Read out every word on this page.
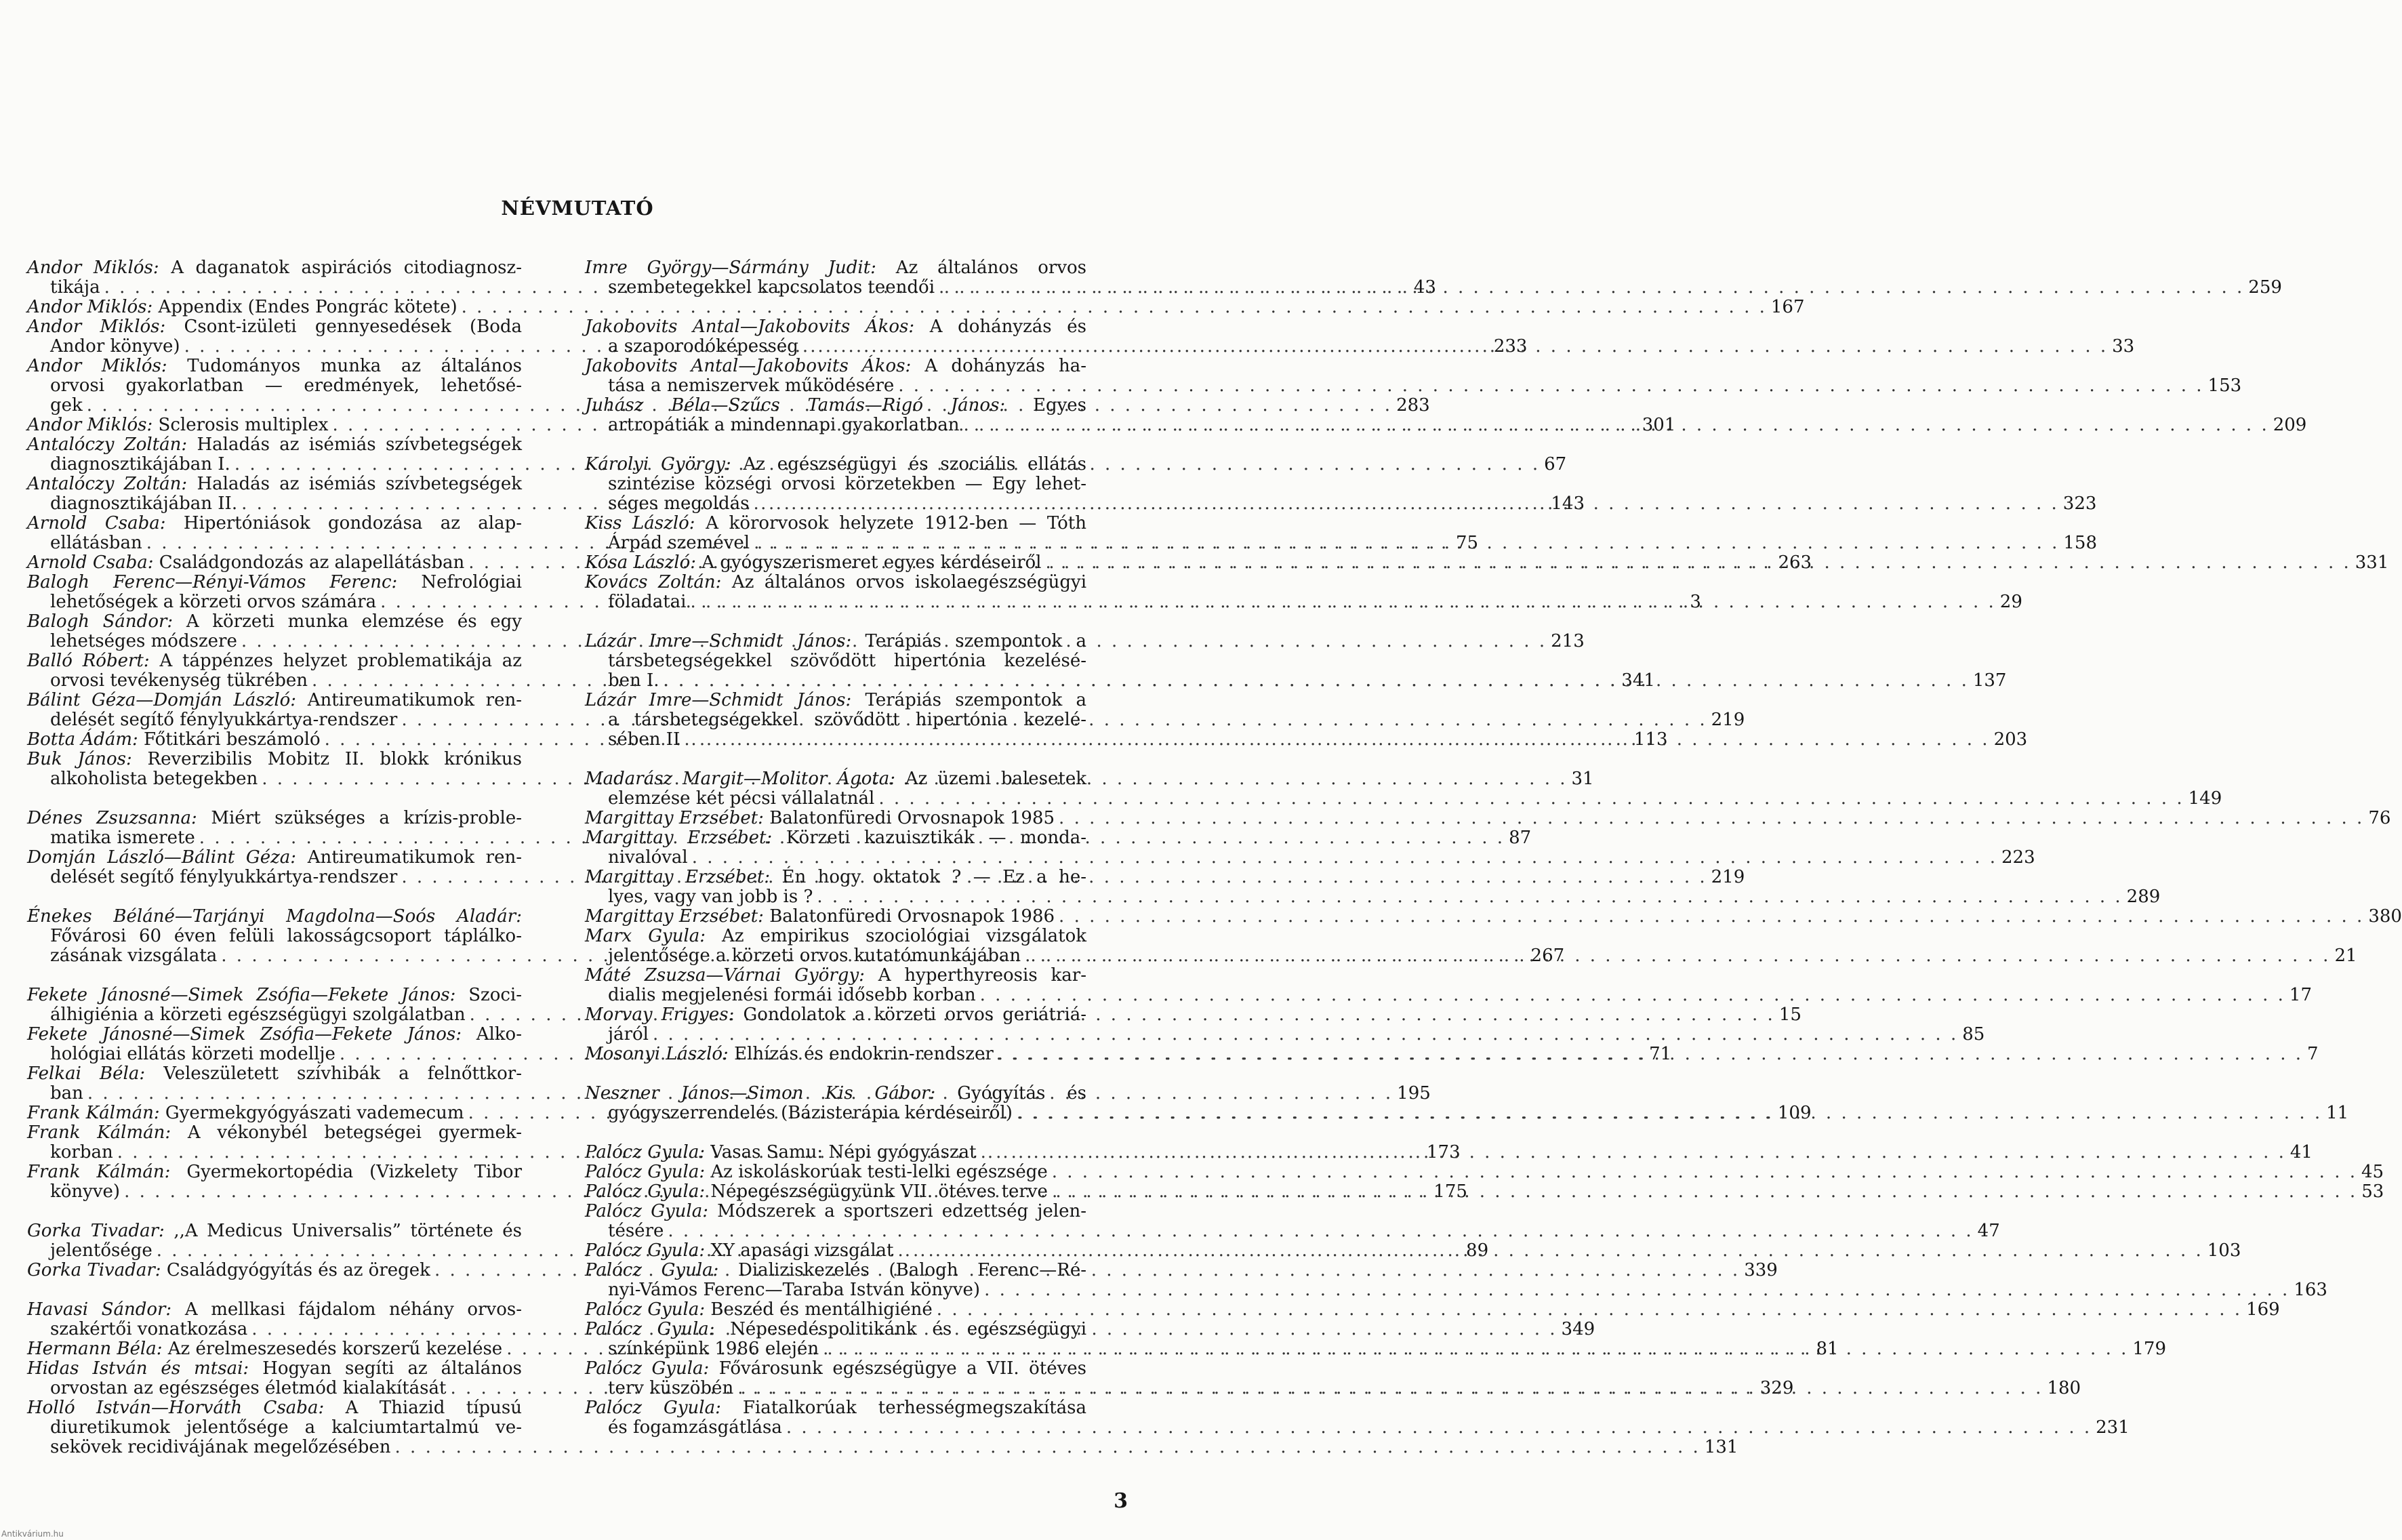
NÉVMUTATÓ
Andor Miklós: A daganatok aspirációs citodiagnosz-
tikája . . .	43
Andor Miklós: Appendix (Endes Pongrác kötete) . . .	167
Andor Miklós: Csont-izületi gennyesedések (Boda
Andor könyve) . . .	233
Andor Miklós: Tudományos munka az általános
orvosi gyakorlatban — eredmények, lehetősé-
gek . . .	283
Andor Miklós: Sclerosis multiplex . . .	301
Antalóczy Zoltán: Haladás az isémiás szívbetegségek
diagnosztikájában I. . . .	67
Antalóczy Zoltán: Haladás az isémiás szívbetegségek
diagnosztikájában II. . . .	143
Arnold Csaba: Hipertóniások gondozása az alap-
ellátásban . . .	75
Arnold Csaba: Családgondozás az alapellátásban . . .	263
Balogh Ferenc—Rényi-Vámos Ferenc: Nefrológiai
lehetőségek a körzeti orvos számára . . .	3
Balogh Sándor: A körzeti munka elemzése és egy
lehetséges módszere . . .	213
Balló Róbert: A táppénzes helyzet problematikája az
orvosi tevékenység tükrében . . .	341
Bálint Géza—Domján László: Antireumatikumok ren-
delését segítő fénylyukkártya-rendszer . . .	219
Botta Ádám: Főtitkári beszámoló . . .	113
Buk János: Reverzibilis Mobitz II. blokk krónikus
alkoholista betegekben . . .	31
Dénes Zsuzsanna: Miért szükséges a krízis-proble-
matika ismerete . . .	87
Domján László—Bálint Géza: Antireumatikumok ren-
delését segítő fénylyukkártya-rendszer . . .	219
Énekes Béláné—Tarjányi Magdolna—Soós Aladár:
Fővárosi 60 éven felüli lakosságcsoport táplálko-
zásának vizsgálata . . .	267
Fekete Jánosné—Simek Zsófia—Fekete János: Szoci-
álhigiénia a körzeti egészségügyi szolgálatban . . .	15
Fekete Jánosné—Simek Zsófia—Fekete János: Alko-
hológiai ellátás körzeti modellje . . .	71
Felkai Béla: Veleszületett szívhibák a felnőttkor-
ban . . .	195
Frank Kálmán: Gyermekgyógyászati vademecum . . .	109
Frank Kálmán: A vékonybél betegségei gyermek-
korban . . .	173
Frank Kálmán: Gyermekortopédia (Vizkelety Tibor
könyve) . . .	175
Gorka Tivadar: ,,A Medicus Universalis” története és
jelentősége . . .	89
Gorka Tivadar: Családgyógyítás és az öregek . . .	339
Havasi Sándor: A mellkasi fájdalom néhány orvos-
szakértői vonatkozása . . .	349
Hermann Béla: Az érelmeszesedés korszerű kezelése . . .	81
Hidas István és mtsai: Hogyan segíti az általános
orvostan az egészséges életmód kialakítását . . .	329
Holló István—Horváth Csaba: A Thiazid típusú
diuretikumok jelentősége a kalciumtartalmú ve-
sekövek recidivájának megelőzésében . . .	131
Imre György—Sármány Judit: Az általános orvos
szembetegekkel kapcsolatos teendői . . .	259
Jakobovits Antal—Jakobovits Ákos: A dohányzás és
a szaporodóképesség . . .	33
Jakobovits Antal—Jakobovits Ákos: A dohányzás ha-
tása a nemiszervek működésére . . .	153
Juhász Béla—Szűcs Tamás—Rigó János: Egyes
artropátiák a mindennapi gyakorlatban . . .	209
Károlyi György: Az egészségügyi és szociális ellátás
szintézise községi orvosi körzetekben — Egy lehet-
séges megoldás . . .	323
Kiss László: A körorvosok helyzete 1912-ben — Tóth
Árpád szemével . . .	158
Kósa László: A gyógyszerismeret egyes kérdéseiről . . .	331
Kovács Zoltán: Az általános orvos iskolaegészségügyi
föladatai . . .	29
Lázár Imre—Schmidt János: Terápiás szempontok a
társbetegségekkel szövődött hipertónia kezelésé-
ben I. . . .	137
Lázár Imre—Schmidt János: Terápiás szempontok a
a társbetegségekkel szövődött hipertónia kezelé-
sében II . . .	203
Madarász Margit—Molitor Ágota: Az üzemi balesetek
elemzése két pécsi vállalatnál . . .	149
Margittay Erzsébet: Balatonfüredi Orvosnapok 1985 . . .	76
Margittay Erzsébet: Körzeti kazuisztikák — monda-
nivalóval . . .	223
Margittay Erzsébet: Én hogy oktatok ? — Ez a he-
lyes, vagy van jobb is ? . . .	289
Margittay Erzsébet: Balatonfüredi Orvosnapok 1986 . . .	380
Marx Gyula: Az empirikus szociológiai vizsgálatok
jelentősége a körzeti orvos kutatómunkájában . . .	21
Máté Zsuzsa—Várnai György: A hyperthyreosis kar-
dialis megjelenési formái idősebb korban . . .	17
Morvay Frigyes: Gondolatok a körzeti orvos geriátriá-
járól . . .	85
Mosonyi László: Elhízás és endokrin-rendszer . . .	7
Neszner János—Simon Kis Gábor: Gyógyítás és
gyógyszerrendelés (Bázisterápia kérdéseiről) . . .	11
Palócz Gyula: Vasas Samu: Népi gyógyászat . . .	41
Palócz Gyula: Az iskoláskorúak testi-lelki egészsége . . .	45
Palócz Gyula: Népegészségügyünk VII. ötéves terve . . .	53
Palócz Gyula: Módszerek a sportszeri edzettség jelen-
tésére . . .	47
Palócz Gyula: XY apasági vizsgálat . . .	103
Palócz Gyula: Dializiskezelés (Balogh Ferenc—Ré-
nyi-Vámos Ferenc—Taraba István könyve) . . .	163
Palócz Gyula: Beszéd és mentálhigiéné . . .	169
Palócz Gyula: Népesedéspolitikánk és egészségügyi
színképünk 1986 elején . . .	179
Palócz Gyula: Fővárosunk egészségügye a VII. ötéves
terv küszöbén . . .	180
Palócz Gyula: Fiatalkorúak terhességmegszakítása
és fogamzásgátlása . . .	231
3
Antikvárium.hu
